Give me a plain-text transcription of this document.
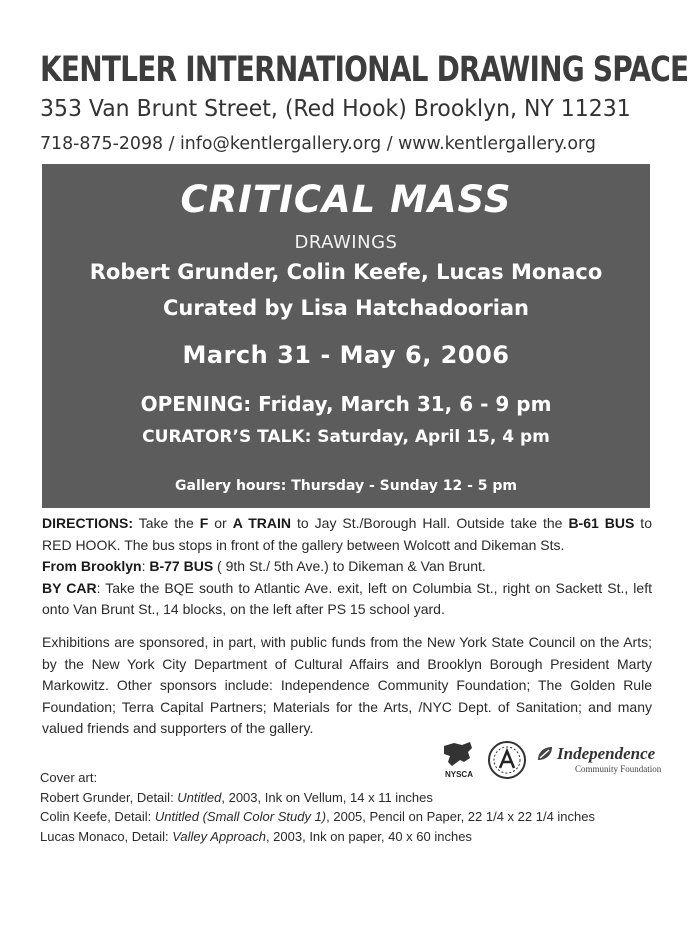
KENTLER INTERNATIONAL DRAWING SPACE
353 Van Brunt Street, (Red Hook) Brooklyn, NY 11231
718-875-2098 / info@kentlergallery.org / www.kentlergallery.org
CRITICAL MASS
DRAWINGS
Robert Grunder, Colin Keefe, Lucas Monaco
Curated by Lisa Hatchadoorian
March 31 - May 6, 2006
OPENING: Friday, March 31, 6 - 9 pm
CURATOR’S TALK: Saturday, April 15, 4 pm
Gallery hours: Thursday - Sunday 12 - 5 pm
DIRECTIONS: Take the F or A TRAIN to Jay St./Borough Hall. Outside take the B-61 BUS to RED HOOK. The bus stops in front of the gallery between Wolcott and Dikeman Sts.
From Brooklyn: B-77 BUS ( 9th St./ 5th Ave.) to Dikeman & Van Brunt.
BY CAR: Take the BQE south to Atlantic Ave. exit, left on Columbia St., right on Sackett St., left onto Van Brunt St., 14 blocks, on the left after PS 15 school yard.
Exhibitions are sponsored, in part, with public funds from the New York State Council on the Arts; by the New York City Department of Cultural Affairs and Brooklyn Borough President Marty Markowitz. Other sponsors include: Independence Community Foundation; The Golden Rule Foundation; Terra Capital Partners; Materials for the Arts, /NYC Dept. of Sanitation; and many valued friends and supporters of the gallery.
NYSCA
Independence
Community Foundation
Cover art:
Robert Grunder, Detail: Untitled, 2003, Ink on Vellum, 14 x 11 inches
Colin Keefe, Detail: Untitled (Small Color Study 1), 2005, Pencil on Paper, 22 1/4 x 22 1/4 inches
Lucas Monaco, Detail: Valley Approach, 2003, Ink on paper, 40 x 60 inches
